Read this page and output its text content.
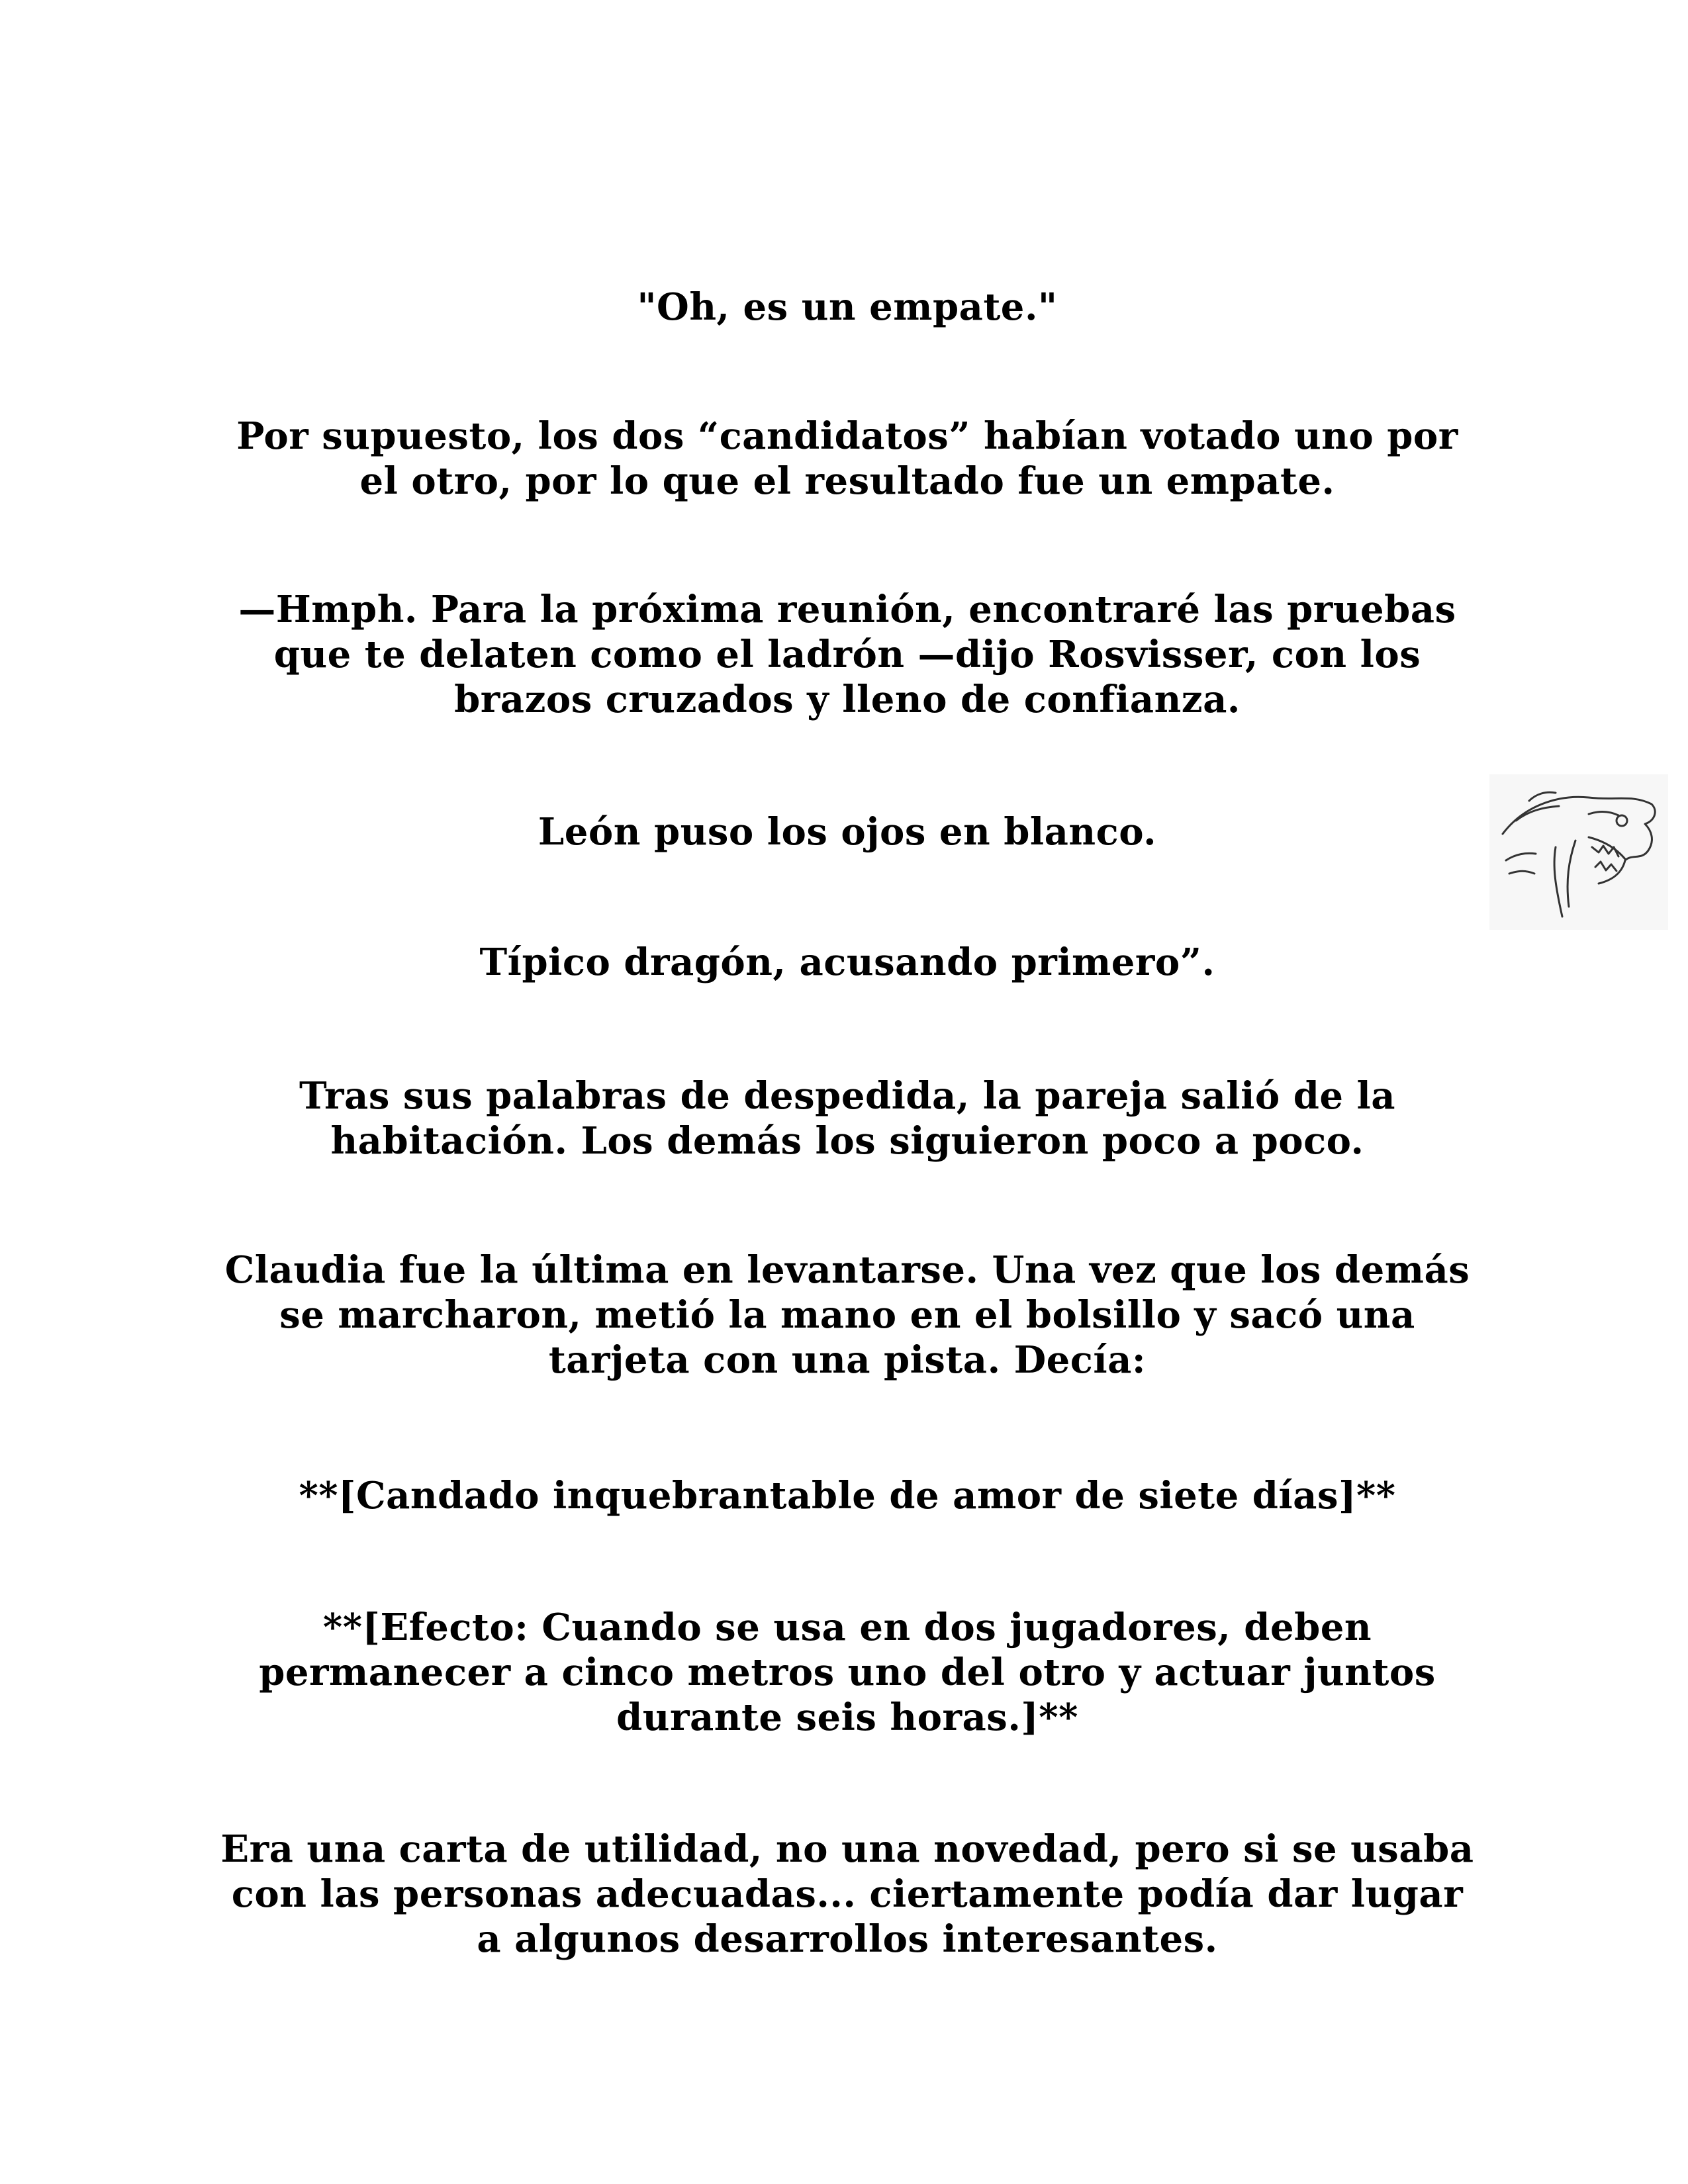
"Oh, es un empate."

Por supuesto, los dos “candidatos” habían votado uno por el otro, por lo que el resultado fue un empate.

—Hmph. Para la próxima reunión, encontraré las pruebas que te delaten como el ladrón —dijo Rosvisser, con los brazos cruzados y lleno de confianza.

León puso los ojos en blanco.

Típico dragón, acusando primero”.

Tras sus palabras de despedida, la pareja salió de la habitación. Los demás los siguieron poco a poco.

Claudia fue la última en levantarse. Una vez que los demás se marcharon, metió la mano en el bolsillo y sacó una tarjeta con una pista. Decía:

**[Candado inquebrantable de amor de siete días]**

**[Efecto: Cuando se usa en dos jugadores, deben permanecer a cinco metros uno del otro y actuar juntos durante seis horas.]**

Era una carta de utilidad, no una novedad, pero si se usaba con las personas adecuadas... ciertamente podía dar lugar a algunos desarrollos interesantes.
